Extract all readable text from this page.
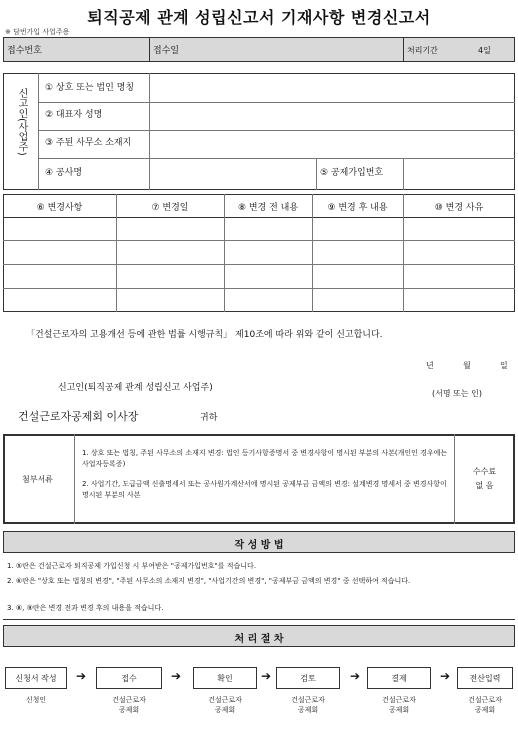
퇴직공제 관계 성립신고서 기재사항 변경신고서
※ 담번가입 사업주용
접수번호	접수일	처리기간	4일
신고인(사업주) ① 상호 또는 법인 명칭
② 대표자 성명
③ 주된 사무소 소재지
④ 공사명	⑤ 공제가입번호
⑥ 변경사항	⑦ 변경일	⑧ 변경 전 내용	⑨ 변경 후 내용	⑩ 변경 사유
「건설근로자의 고용개선 등에 관한 법률 시행규칙」 제10조에 따라 위와 같이 신고합니다.
년	월	일
신고인(퇴직공제 관계 성립신고 사업주)
(서명 또는 인)
건설근로자공제회 이사장	귀하
첨부서류
1. 상호 또는 법칭, 주된 사무소의 소재지 변경: 법인 등기사항증명서 중 변경사항이 명시된 부분의 사본(개인인 경우에는 사업자등록증)
2. 사업기간, 도급금액 신출명세서 또는 공사원가계산서에 명시된 공제부금 금액의 변경: 설계변경 명세서 중 변경사항이 명시된 부분의 사본
수수료
없 음
작 성 방 법
1. ⑤란은 건설근로자 퇴직공제 가입신청 시 부여받은 "공제가입번호"를 적습니다.
2. ⑥란은 "상호 또는 법칭의 변경", "주된 사무소의 소재지 변경", "사업기간의 변경", "공제부금 금액의 변경" 중 선택하여 적습니다.
3. ⑧, ⑨란은 변경 전과 변경 후의 내용을 적습니다.
처 리 절 차
신청서 작성	접수	확인	검토	결제	전산입력
➔	➔	➔	➔	➔
신청인	건설근로자
공제회
건설근로자
공제회
건설근로자
공제회
건설근로자
공제회
건설근로자
공제회
